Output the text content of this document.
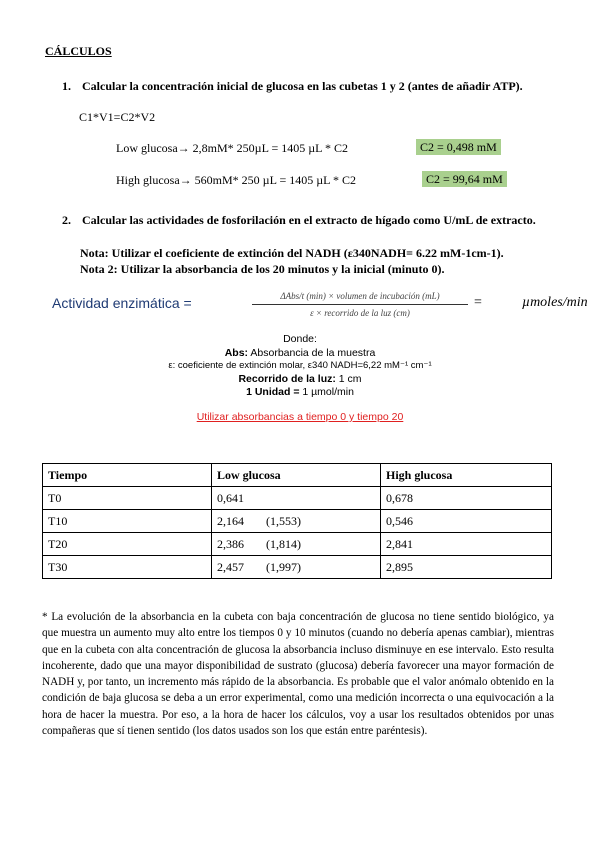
CÁLCULOS
1. Calcular la concentración inicial de glucosa en las cubetas 1 y 2 (antes de añadir ATP).
C1*V1=C2*V2
Low glucosa→ 2,8mM* 250µL = 1405 µL * C2	C2 = 0,498 mM
High glucosa→ 560mM* 250 µL = 1405 µL * C2	C2 = 99,64 mM
2. Calcular las actividades de fosforilación en el extracto de hígado como U/mL de extracto.
Nota: Utilizar el coeficiente de extinción del NADH (ε340NADH= 6.22 mM-1cm-1).
Nota 2: Utilizar la absorbancia de los 20 minutos y la inicial (minuto 0).
Actividad enzimática =	ΔAbs/t (min) × volumen de incubación (mL)
ε × recorrido de la luz (cm)
=	µmoles/min
Donde:
Abs: Absorbancia de la muestra
ε: coeficiente de extinción molar, ε340 NADH=6,22 mM⁻¹ cm⁻¹
Recorrido de la luz: 1 cm
1 Unidad = 1 µmol/min
Utilizar absorbancias a tiempo 0 y tiempo 20
Tiempo	Low glucosa	High glucosa
T0	0,641	0,678
T10	2,164 (1,553)	0,546
T20	2,386 (1,814)	2,841
T30	2,457 (1,997)	2,895
* La evolución de la absorbancia en la cubeta con baja concentración de glucosa no tiene sentido biológico, ya que muestra un aumento muy alto entre los tiempos 0 y 10 minutos (cuando no debería apenas cambiar), mientras que en la cubeta con alta concentración de glucosa la absorbancia incluso disminuye en ese intervalo. Esto resulta incoherente, dado que una mayor disponibilidad de sustrato (glucosa) debería favorecer una mayor formación de NADH y, por tanto, un incremento más rápido de la absorbancia. Es probable que el valor anómalo obtenido en la condición de baja glucosa se deba a un error experimental, como una medición incorrecta o una equivocación a la hora de hacer la muestra. Por eso, a la hora de hacer los cálculos, voy a usar los resultados obtenidos por unas compañeras que sí tienen sentido (los datos usados son los que están entre paréntesis).
